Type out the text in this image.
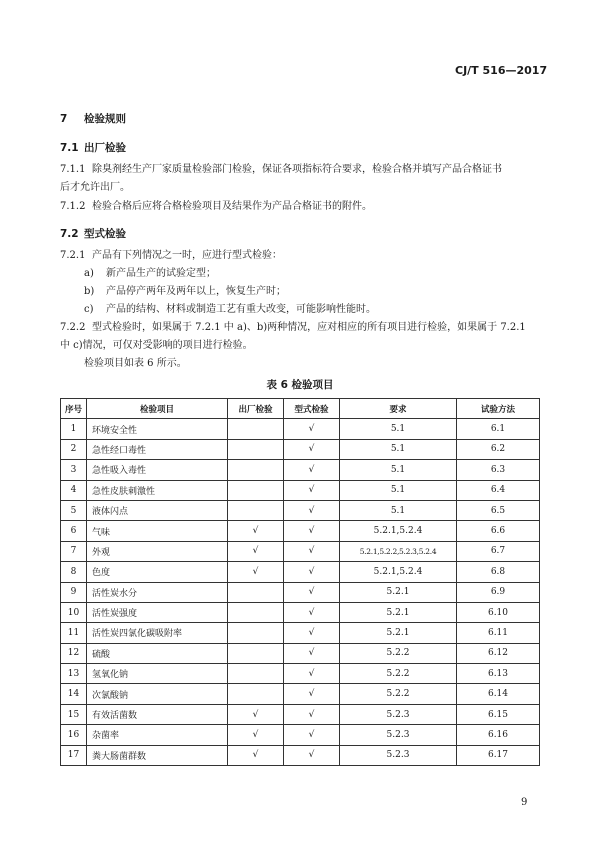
CJ/T 516—2017
7 检验规则
7.1 出厂检验
7.1.1 除臭剂经生产厂家质量检验部门检验，保证各项指标符合要求，检验合格并填写产品合格证书
后才允许出厂。
7.1.2 检验合格后应将合格检验项目及结果作为产品合格证书的附件。
7.2 型式检验
7.2.1 产品有下列情况之一时，应进行型式检验：
a) 新产品生产的试验定型；
b) 产品停产两年及两年以上，恢复生产时；
c) 产品的结构、材料或制造工艺有重大改变，可能影响性能时。
7.2.2 型式检验时，如果属于 7.2.1 中 a)、b)两种情况，应对相应的所有项目进行检验，如果属于 7.2.1
中 c)情况，可仅对受影响的项目进行检验。
检验项目如表 6 所示。
表 6 检验项目
序号	检验项目	出厂检验	型式检验	要求	试验方法
1	环境安全性		√	5.1	6.1
2	急性经口毒性		√	5.1	6.2
3	急性吸入毒性		√	5.1	6.3
4	急性皮肤刺激性		√	5.1	6.4
5	液体闪点		√	5.1	6.5
6	气味	√	√	5.2.1,5.2.4	6.6
7	外观	√	√	5.2.1,5.2.2,5.2.3,5.2.4	6.7
8	色度	√	√	5.2.1,5.2.4	6.8
9	活性炭水分		√	5.2.1	6.9
10	活性炭强度		√	5.2.1	6.10
11	活性炭四氯化碳吸附率		√	5.2.1	6.11
12	硫酸		√	5.2.2	6.12
13	氢氧化钠		√	5.2.2	6.13
14	次氯酸钠		√	5.2.2	6.14
15	有效活菌数	√	√	5.2.3	6.15
16	杂菌率	√	√	5.2.3	6.16
17	粪大肠菌群数	√	√	5.2.3	6.17
9
